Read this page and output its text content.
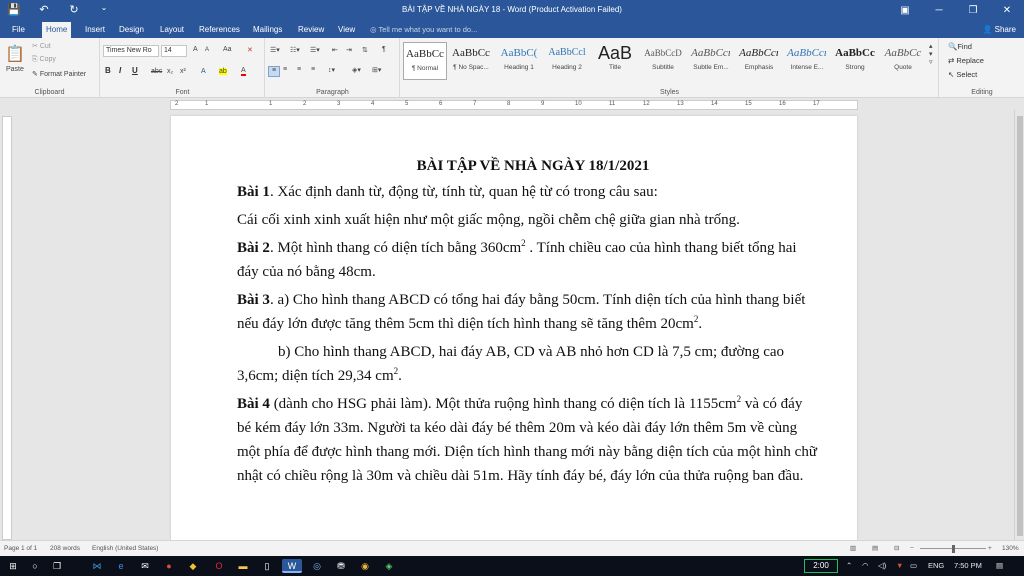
💾	↶	↻	⌄	BÀI TẬP VỀ NHÀ NGÀY 18 - Word (Product Activation Failed)	▣	─	❐	✕
File	Home	Insert	Design	Layout	References	Mailings	Review	View	◎ Tell me what you want to do...	👤 Share
📋
Paste
✂ Cut
⎘ Copy
✎ Format Painter
Clipboard
Times New Ro	14	A A Aa ✕
B I U abc x₂ x² A ab A
Font
☰▾ ☷▾ ☰▾ ⇤ ⇥ ⇅ ¶
≡ ≡ ≡ ≡ ↕▾ ◈▾ ⊞▾
Paragraph
AaBbCc
¶ Normal
AaBbCc
¶ No Spac...
AaBbC(
Heading 1
AaBbCcl
Heading 2
AaB
Title
AaBbCcD
Subtitle
AaBbCcı
Subtle Em...
AaBbCcı
Emphasis
AaBbCcı
Intense E...
AaBbCc
Strong
AaBbCc
Quote
▴
▾
▿
Styles
🔍Find
⇄ Replace
↖ Select
Editing
2	1	1	2	3	4	5	6	7	8	9	10	11	12	13	14	15	16	17

BÀI TẬP VỀ NHÀ NGÀY 18/1/2021

Bài 1. Xác định danh từ, động từ, tính từ, quan hệ từ có trong câu sau:

Cái cối xinh xinh xuất hiện như một giấc mộng, ngồi chễm chệ giữa gian nhà trống.

Bài 2. Một hình thang có diện tích bằng $360cm^2$ . Tính chiều cao của hình thang biết tổng hai đáy của nó bằng 48cm.

Bài 3. a) Cho hình thang ABCD có tổng hai đáy bằng 50cm. Tính diện tích của hình thang biết nếu đáy lớn được tăng thêm 5cm thì diện tích hình thang sẽ tăng thêm $20cm^2$.

b) Cho hình thang ABCD, hai đáy AB, CD và AB nhỏ hơn CD là 7,5 cm; đường cao 3,6cm; diện tích 29,34 $cm^2$.

Bài 4 (dành cho HSG phải làm). Một thửa ruộng hình thang có diện tích là $1155cm^2$ và có đáy bé kém đáy lớn 33m. Người ta kéo dài đáy bé thêm 20m và kéo dài đáy lớn thêm 5m về cùng một phía để được hình thang mới. Diện tích hình thang mới này bằng diện tích của một hình chữ nhật có chiều rộng là 30m và chiều dài 51m. Hãy tính đáy bé, đáy lớn của thửa ruộng ban đầu.

Page 1 of 1 208 words English (United States)	▥ ▤ ⊟ −	+ 130%
⊞	○	❐	⋈	e	✉	●	◆	O	▬	▯	W	◎	⛃	◉	◈	2:00	⌃ ◠ ◁) ▼ ▭ ENG 7:50 PM ▤
